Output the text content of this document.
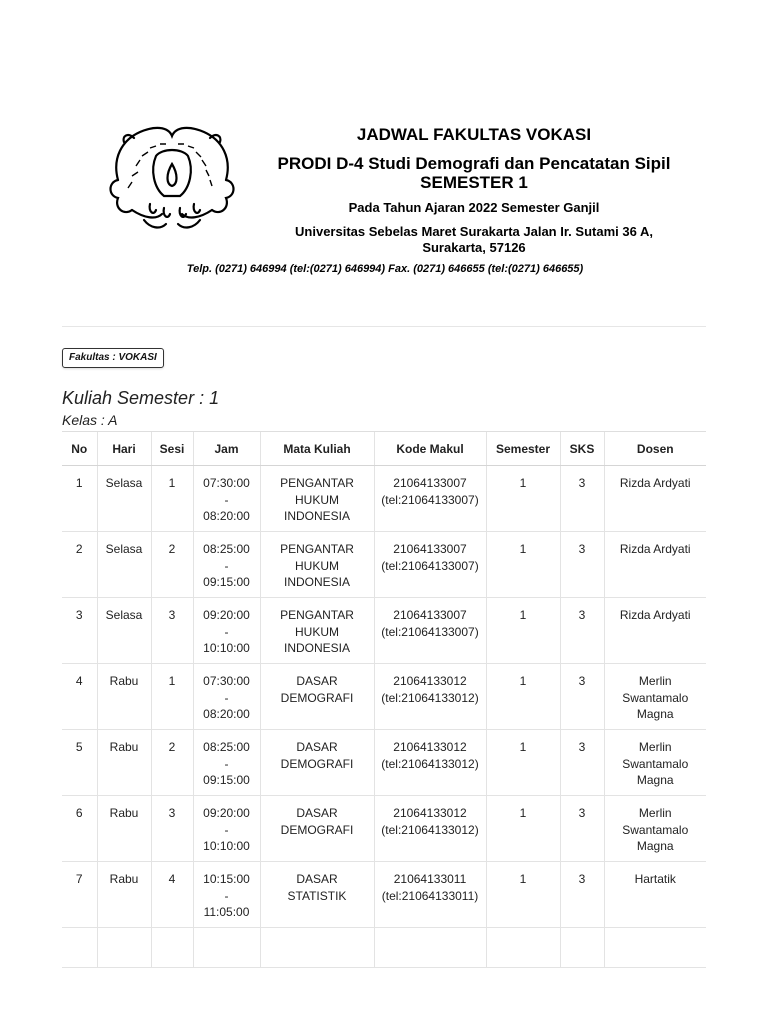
JADWAL FAKULTAS VOKASI
PRODI D-4 Studi Demografi dan Pencatatan Sipil
SEMESTER 1
Pada Tahun Ajaran 2022 Semester Ganjil
Universitas Sebelas Maret Surakarta Jalan Ir. Sutami 36 A,
Surakarta, 57126
Telp. (0271) 646994 (tel:(0271) 646994) Fax. (0271) 646655 (tel:(0271) 646655)
Fakultas : VOKASI
Kuliah Semester : 1
Kelas : A
No	Hari	Sesi	Jam	Mata Kuliah	Kode Makul	Semester	SKS	Dosen
1	Selasa	1	07:30:00
-
08:20:00	PENGANTAR
HUKUM
INDONESIA	21064133007
(tel:21064133007)	1	3	Rizda Ardyati

2	Selasa	2	08:25:00
-
09:15:00	PENGANTAR
HUKUM
INDONESIA	21064133007
(tel:21064133007)	1	3	Rizda Ardyati

3	Selasa	3	09:20:00
-
10:10:00	PENGANTAR
HUKUM
INDONESIA	21064133007
(tel:21064133007)	1	3	Rizda Ardyati

4	Rabu	1	07:30:00
-
08:20:00	DASAR
DEMOGRAFI	21064133012
(tel:21064133012)	1	3	Merlin
Swantamalo
Magna

5	Rabu	2	08:25:00
-
09:15:00	DASAR
DEMOGRAFI	21064133012
(tel:21064133012)	1	3	Merlin
Swantamalo
Magna

6	Rabu	3	09:20:00
-
10:10:00	DASAR
DEMOGRAFI	21064133012
(tel:21064133012)	1	3	Merlin
Swantamalo
Magna

7	Rabu	4	10:15:00
-
11:05:00	DASAR
STATISTIK	21064133011
(tel:21064133011)	1	3	Hartatik
